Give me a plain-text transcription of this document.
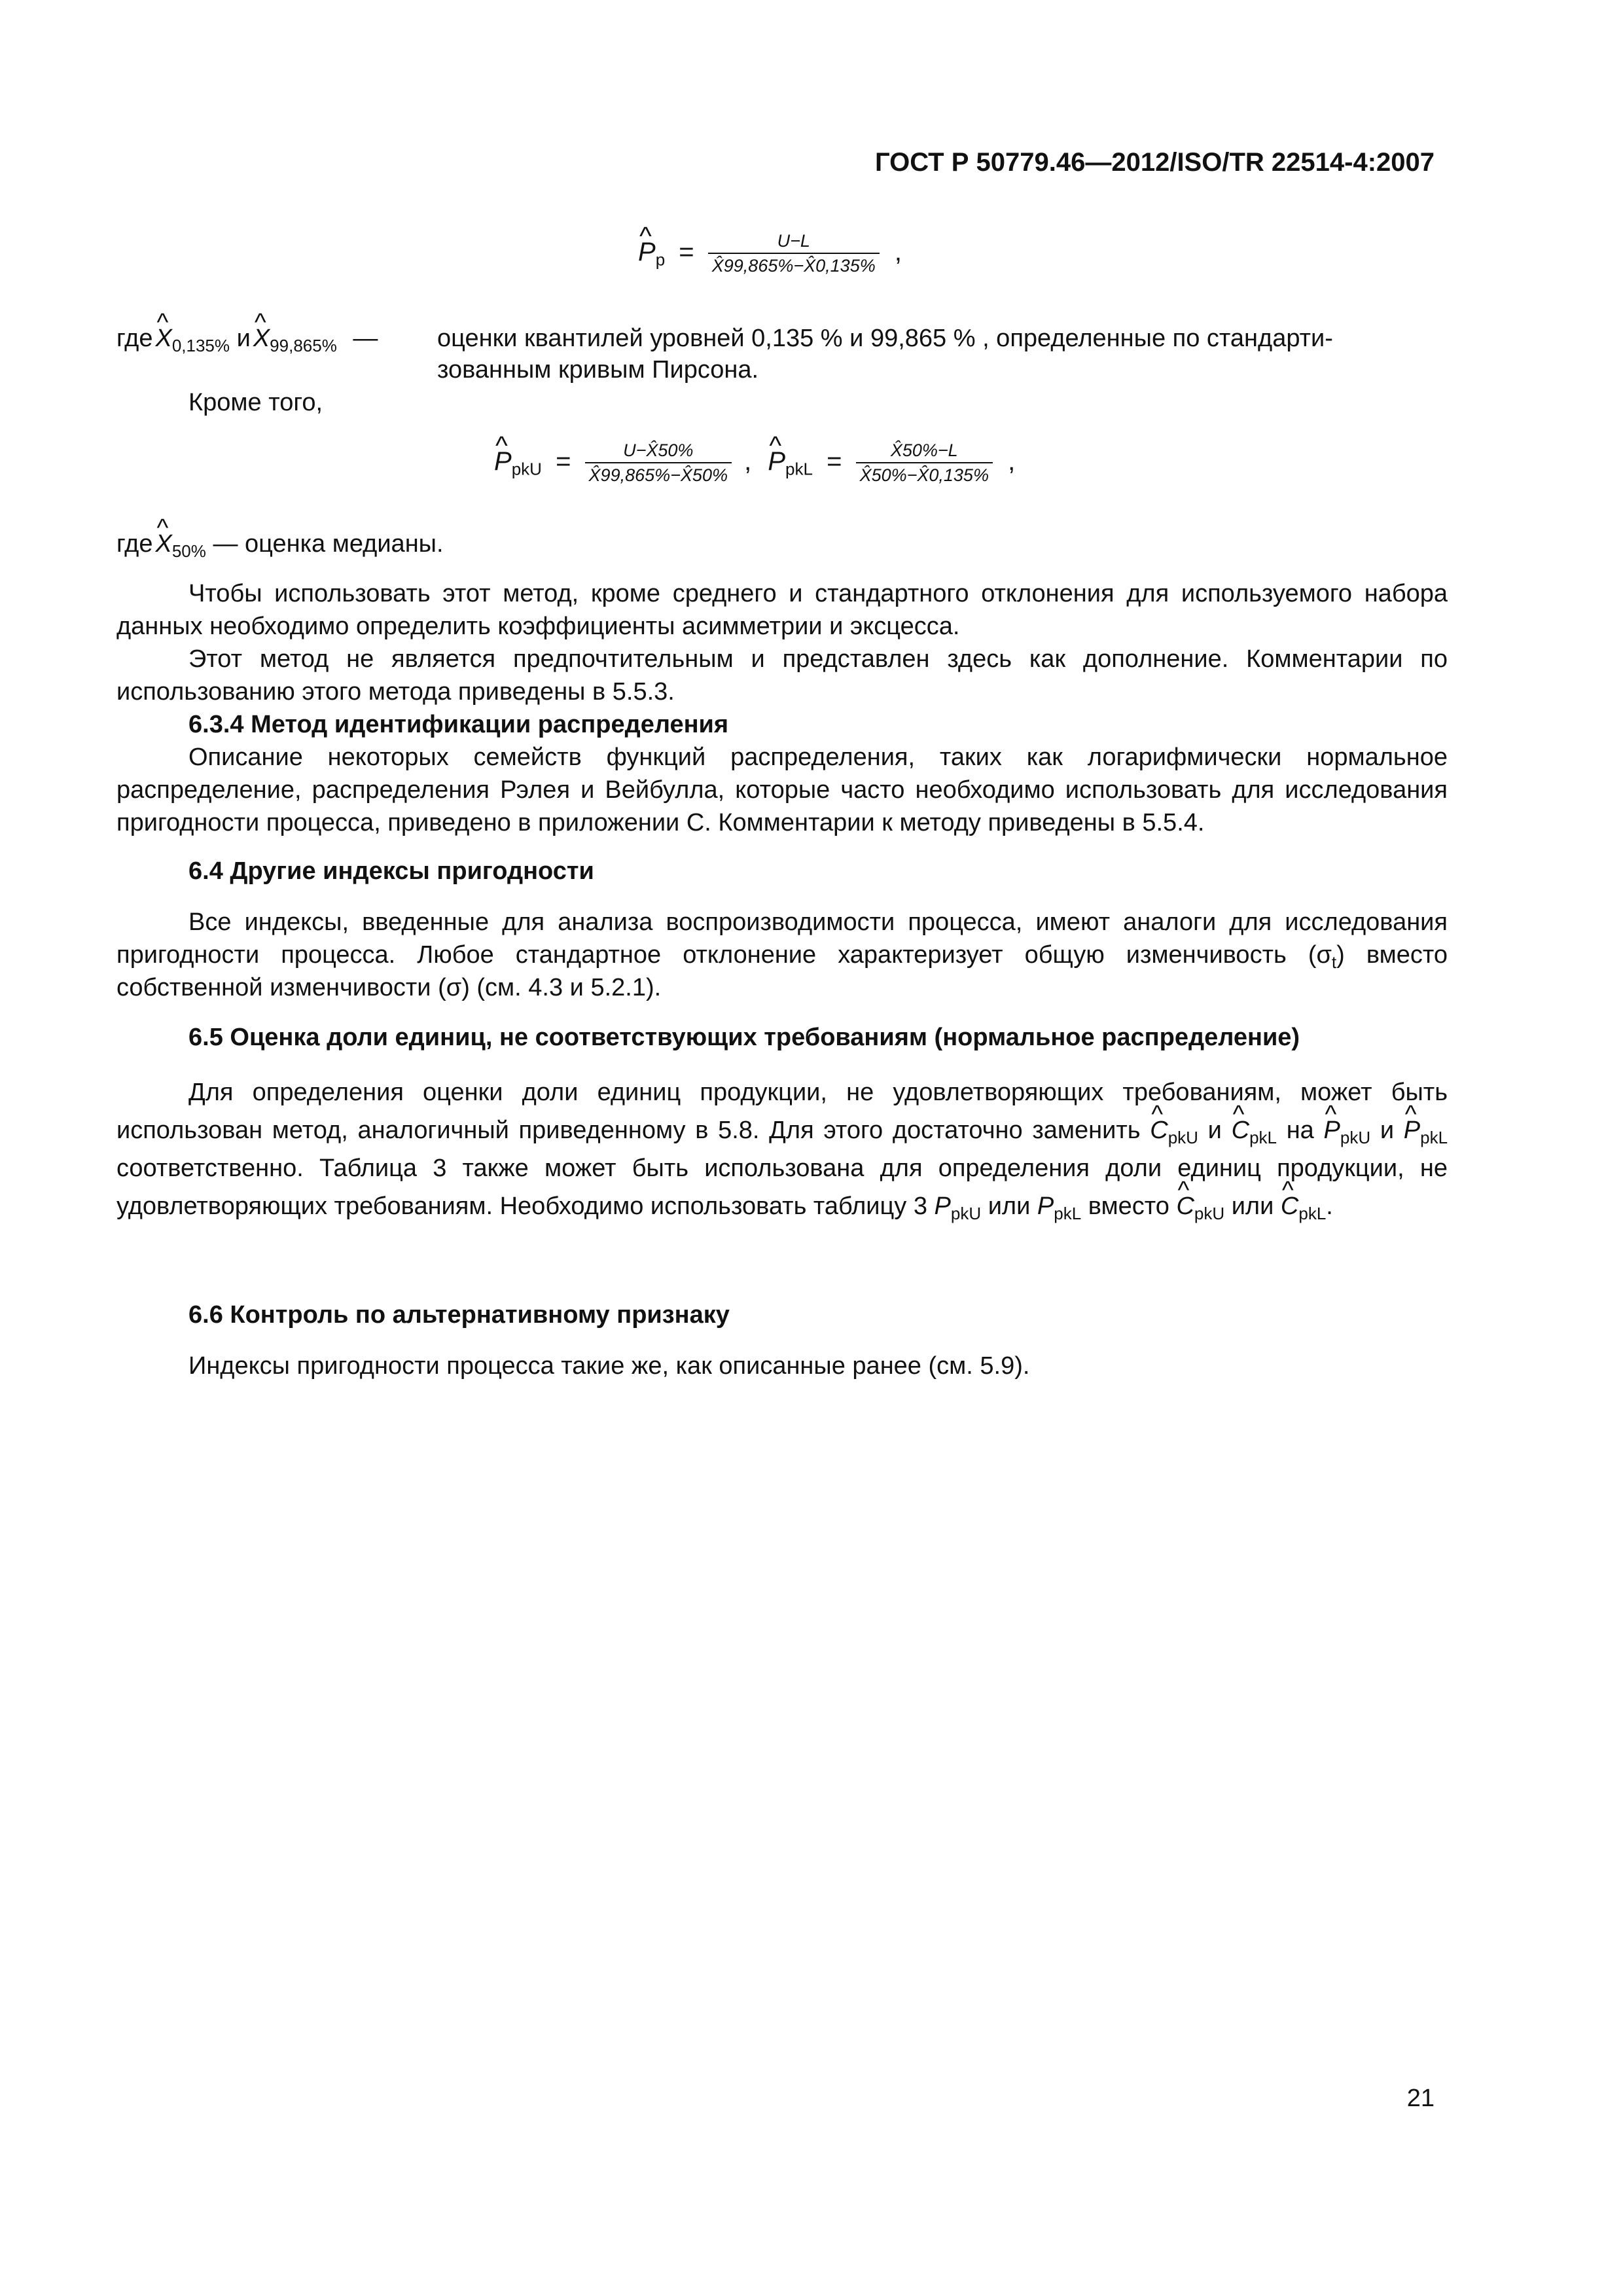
ГОСТ Р 50779.46—2012/ISO/TR 22514-4:2007
^ $P_p = \frac{U-L}{X̂99,865\%-X̂0,135\%}$ ,
где ^ $X_{0,135\%}$ и ^ $X_{99,865\%}$ — оценки квантилей уровней 0,135 % и 99,865 % , определенные по стандарти-
зованным кривым Пирсона.
Кроме того,
^ $P_{pkU} = \frac{U-X̂50\%}{X̂99,865\%-X̂50\%}$ , ^ $P_{pkL} = \frac{X̂50\%-L}{X̂50\%-X̂0,135\%}$ ,
где ^ $X_{50\%}$ — оценка медианы.
Чтобы использовать этот метод, кроме среднего и стандартного отклонения для используемого набора данных необходимо определить коэффициенты асимметрии и эксцесса.
Этот метод не является предпочтительным и представлен здесь как дополнение. Комментарии по использованию этого метода приведены в 5.5.3.
6.3.4 Метод идентификации распределения
Описание некоторых семейств функций распределения, таких как логарифмически нормальное распределение, распределения Рэлея и Вейбулла, которые часто необходимо использовать для исследования пригодности процесса, приведено в приложении С. Комментарии к методу приведены в 5.5.4.
6.4 Другие индексы пригодности
Все индексы, введенные для анализа воспроизводимости процесса, имеют аналоги для исследования пригодности процесса. Любое стандартное отклонение характеризует общую изменчивость $(\sigma_t)$ вместо собственной изменчивости (σ) (см. 4.3 и 5.2.1).
6.5 Оценка доли единиц, не соответствующих требованиям (нормальное распределение)
Для определения оценки доли единиц продукции, не удовлетворяющих требованиям, может быть использован метод, аналогичный приведенному в 5.8. Для этого достаточно заменить ^ $C_{pkU}$ и ^ $C_{pkL}$ на ^ $P_{pkU}$ и ^ $P_{pkL}$ соответственно. Таблица 3 также может быть использована для определения доли единиц продукции, не удовлетворяющих требованиям. Необходимо использовать таблицу 3 $P_{pkU}$ или $P_{pkL}$ вместо ^ $C_{pkU}$ или ^ $C_{pkL}$.
6.6 Контроль по альтернативному признаку
Индексы пригодности процесса такие же, как описанные ранее (см. 5.9).
21
